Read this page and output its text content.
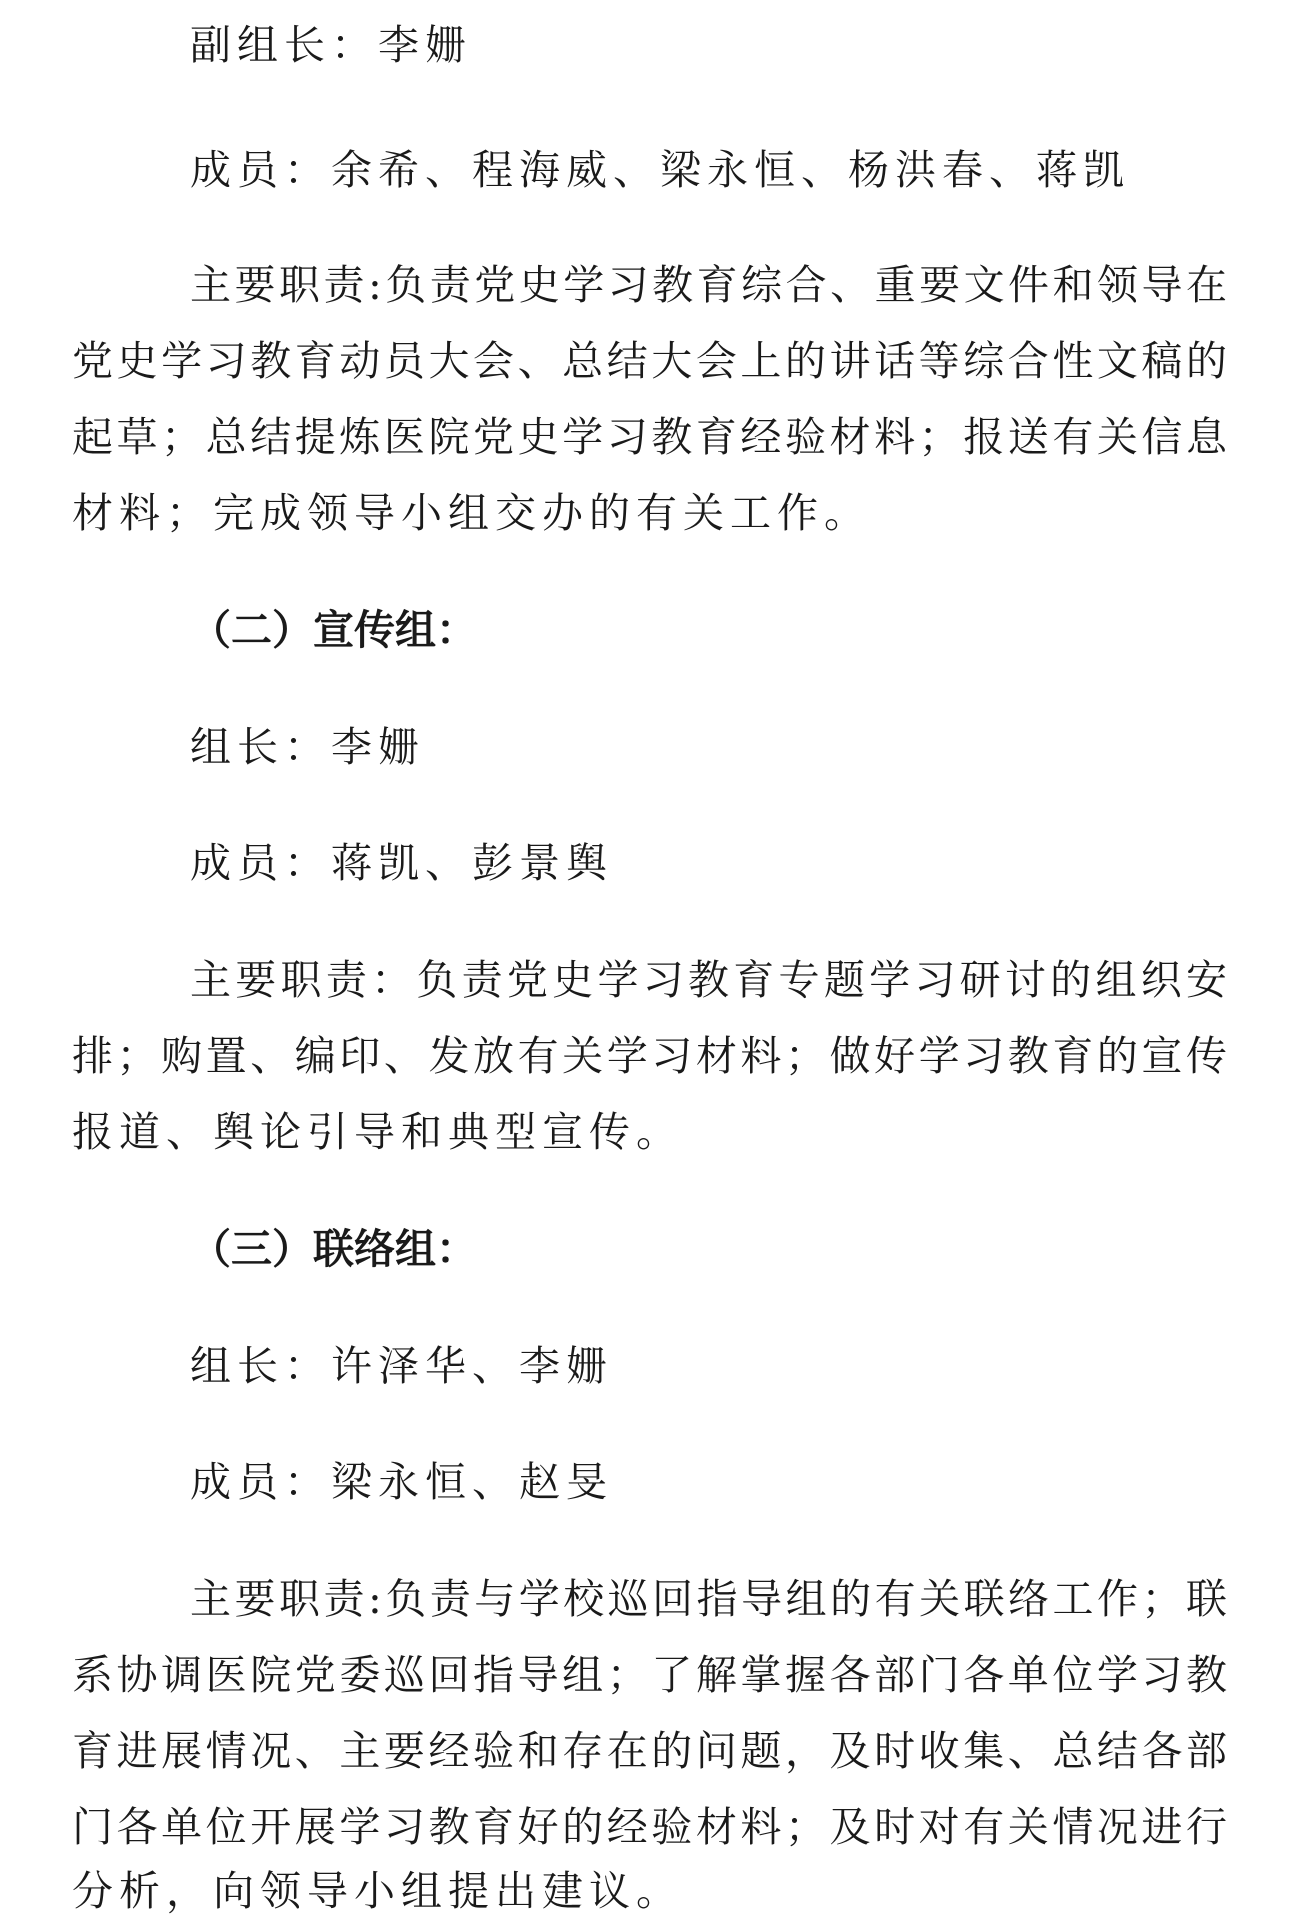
副组长：李姗

成员：余希、程海威、梁永恒、杨洪春、蒋凯

主要职责:负责党史学习教育综合、重要文件和领导在

党史学习教育动员大会、总结大会上的讲话等综合性文稿的

起草；总结提炼医院党史学习教育经验材料；报送有关信息

材料；完成领导小组交办的有关工作。

（二）宣传组：

组长：李姗

成员：蒋凯、彭景舆

主要职责：负责党史学习教育专题学习研讨的组织安

排；购置、编印、发放有关学习材料；做好学习教育的宣传

报道、舆论引导和典型宣传。

（三）联络组：

组长：许泽华、李姗

成员：梁永恒、赵旻

主要职责:负责与学校巡回指导组的有关联络工作；联

系协调医院党委巡回指导组；了解掌握各部门各单位学习教

育进展情况、主要经验和存在的问题，及时收集、总结各部

门各单位开展学习教育好的经验材料；及时对有关情况进行

分析，向领导小组提出建议。
